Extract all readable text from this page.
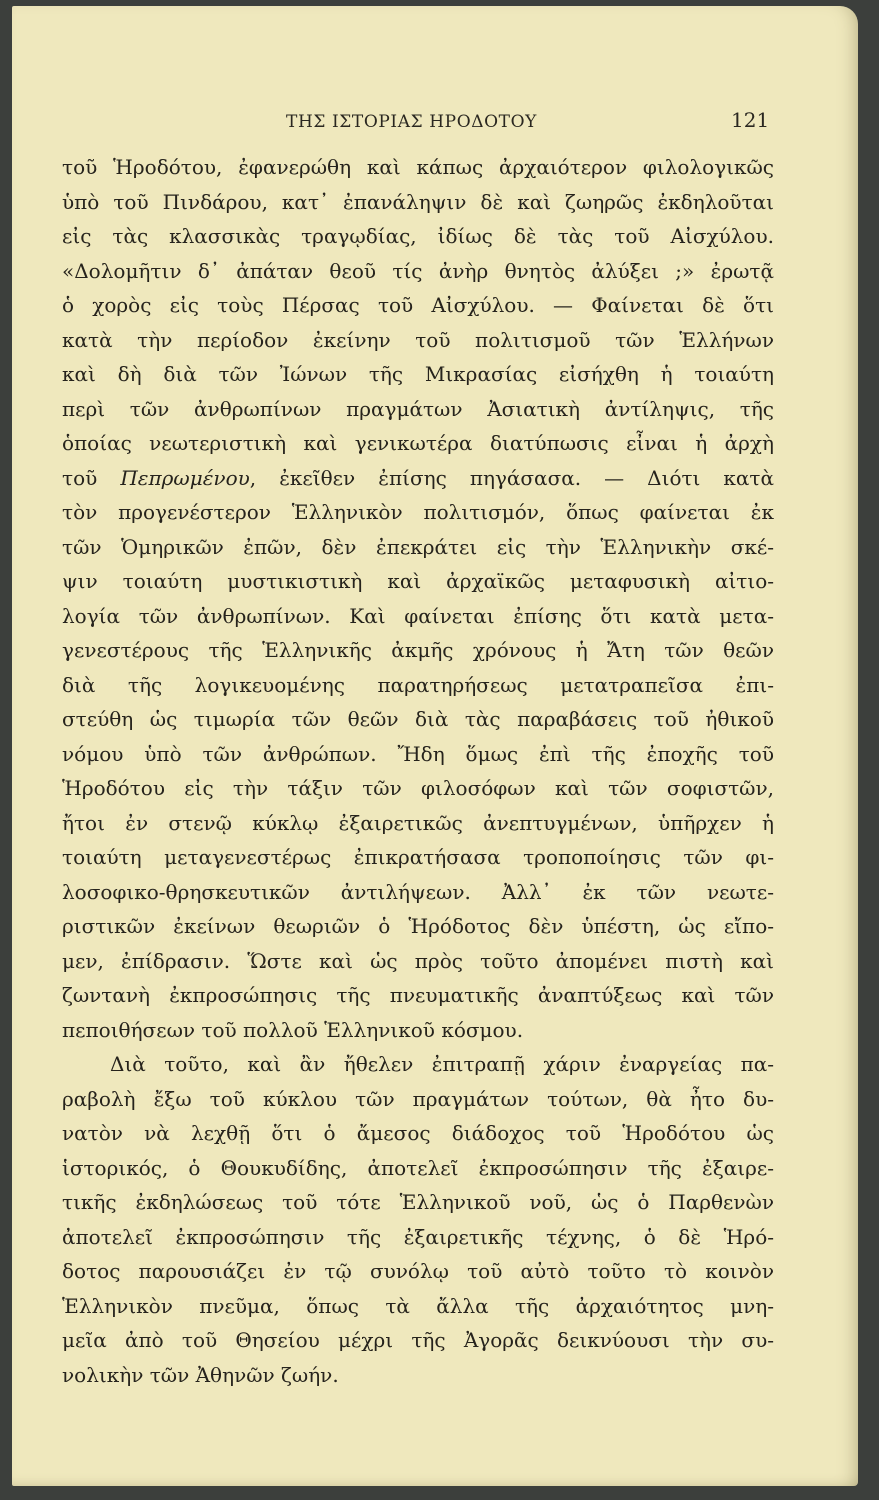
ΤΗΣ ΙΣΤΟΡΙΑΣ ΗΡΟΔΟΤΟΥ	121
τοῦ Ἡροδότου, ἐφανερώθη καὶ κάπως ἀρχαιότερον φιλολογικῶς
ὑπὸ τοῦ Πινδάρου, κατ᾽ ἐπανάληψιν δὲ καὶ ζωηρῶς ἐκδηλοῦται
εἰς τὰς κλασσικὰς τραγῳδίας, ἰδίως δὲ τὰς τοῦ Αἰσχύλου.
«Δολομῆτιν δ᾽ ἀπάταν θεοῦ τίς ἀνὴρ θνητὸς ἀλύξει ;» ἐρωτᾷ
ὁ χορὸς εἰς τοὺς Πέρσας τοῦ Αἰσχύλου. — Φαίνεται δὲ ὅτι
κατὰ τὴν περίοδον ἐκείνην τοῦ πολιτισμοῦ τῶν Ἑλλήνων
καὶ δὴ διὰ τῶν Ἰώνων τῆς Μικρασίας εἰσήχθη ἡ τοιαύτη
περὶ τῶν ἀνθρωπίνων πραγμάτων Ἀσιατικὴ ἀντίληψις, τῆς
ὁποίας νεωτεριστικὴ καὶ γενικωτέρα διατύπωσις εἶναι ἡ ἀρχὴ
τοῦ Πεπρωμένου, ἐκεῖθεν ἐπίσης πηγάσασα. — Διότι κατὰ
τὸν προγενέστερον Ἑλληνικὸν πολιτισμόν, ὅπως φαίνεται ἐκ
τῶν Ὁμηρικῶν ἐπῶν, δὲν ἐπεκράτει εἰς τὴν Ἑλληνικὴν σκέ-
ψιν τοιαύτη μυστικιστικὴ καὶ ἀρχαϊκῶς μεταφυσικὴ αἰτιο-
λογία τῶν ἀνθρωπίνων. Καὶ φαίνεται ἐπίσης ὅτι κατὰ μετα-
γενεστέρους τῆς Ἑλληνικῆς ἀκμῆς χρόνους ἡ Ἄτη τῶν θεῶν
διὰ τῆς λογικευομένης παρατηρήσεως μετατραπεῖσα ἐπι-
στεύθη ὡς τιμωρία τῶν θεῶν διὰ τὰς παραβάσεις τοῦ ἠθικοῦ
νόμου ὑπὸ τῶν ἀνθρώπων. Ἤδη ὅμως ἐπὶ τῆς ἐποχῆς τοῦ
Ἡροδότου εἰς τὴν τάξιν τῶν φιλοσόφων καὶ τῶν σοφιστῶν,
ἤτοι ἐν στενῷ κύκλῳ ἐξαιρετικῶς ἀνεπτυγμένων, ὑπῆρχεν ἡ
τοιαύτη μεταγενεστέρως ἐπικρατήσασα τροποποίησις τῶν φι-
λοσοφικο-θρησκευτικῶν ἀντιλήψεων. Ἀλλ᾽ ἐκ τῶν νεωτε-
ριστικῶν ἐκείνων θεωριῶν ὁ Ἡρόδοτος δὲν ὑπέστη, ὡς εἴπο-
μεν, ἐπίδρασιν. Ὥστε καὶ ὡς πρὸς τοῦτο ἀπομένει πιστὴ καὶ
ζωντανὴ ἐκπροσώπησις τῆς πνευματικῆς ἀναπτύξεως καὶ τῶν
πεποιθήσεων τοῦ πολλοῦ Ἑλληνικοῦ κόσμου.
Διὰ τοῦτο, καὶ ἂν ἤθελεν ἐπιτραπῇ χάριν ἐναργείας πα-
ραβολὴ ἔξω τοῦ κύκλου τῶν πραγμάτων τούτων, θὰ ἦτο δυ-
νατὸν νὰ λεχθῇ ὅτι ὁ ἄμεσος διάδοχος τοῦ Ἡροδότου ὡς
ἱστορικός, ὁ Θουκυδίδης, ἀποτελεῖ ἐκπροσώπησιν τῆς ἐξαιρε-
τικῆς ἐκδηλώσεως τοῦ τότε Ἑλληνικοῦ νοῦ, ὡς ὁ Παρθενὼν
ἀποτελεῖ ἐκπροσώπησιν τῆς ἐξαιρετικῆς τέχνης, ὁ δὲ Ἡρό-
δοτος παρουσιάζει ἐν τῷ συνόλῳ τοῦ αὐτὸ τοῦτο τὸ κοινὸν
Ἑλληνικὸν πνεῦμα, ὅπως τὰ ἄλλα τῆς ἀρχαιότητος μνη-
μεῖα ἀπὸ τοῦ Θησείου μέχρι τῆς Ἀγορᾶς δεικνύουσι τὴν συ-
νολικὴν τῶν Ἀθηνῶν ζωήν.
